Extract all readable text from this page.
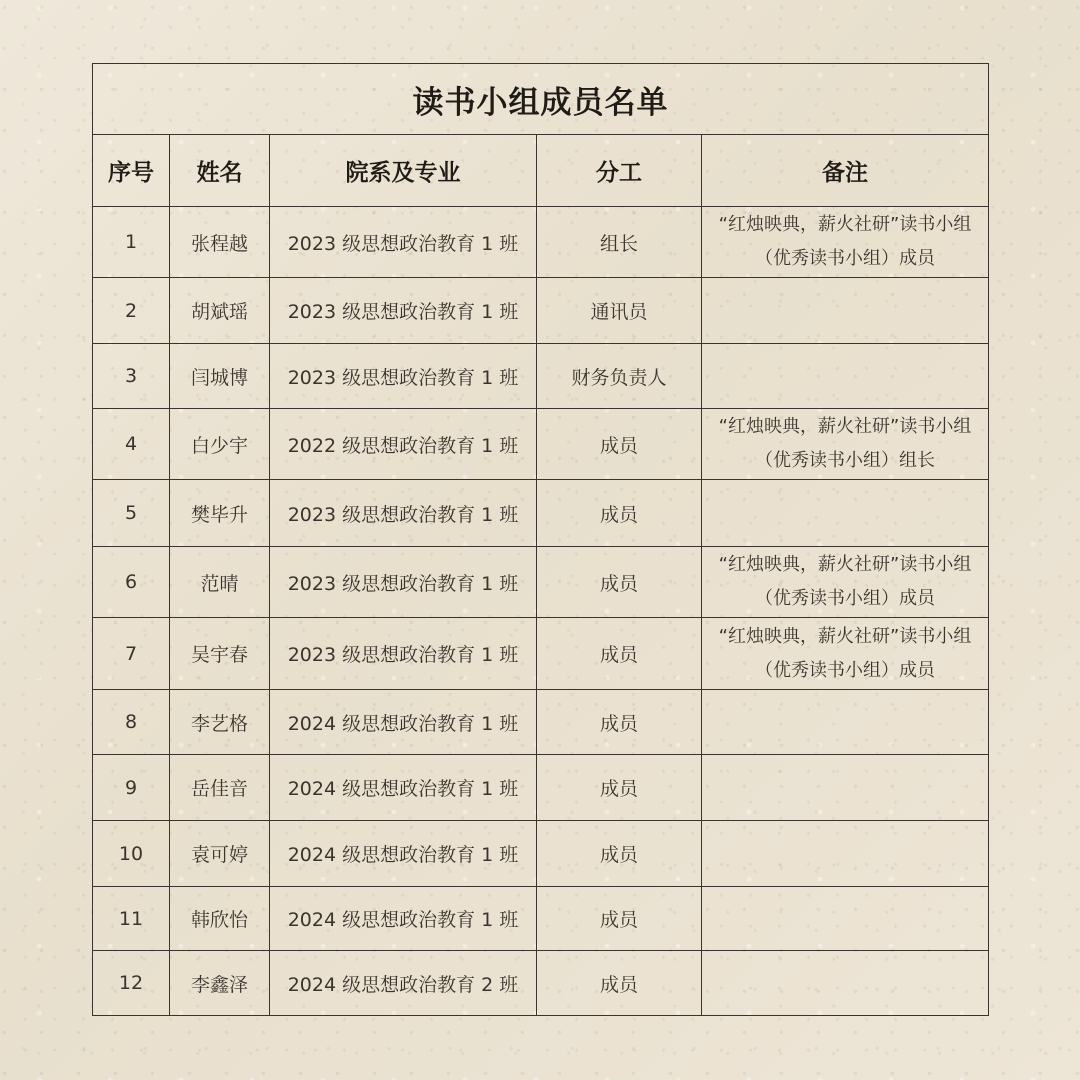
读书小组成员名单				
序号	姓名	院系及专业	分工	备注
1	张程越	2023 级思想政治教育 1 班	组长	“红烛映典，薪火社研”读书小组（优秀读书小组）成员
2	胡斌瑶	2023 级思想政治教育 1 班	通讯员	
3	闫城博	2023 级思想政治教育 1 班	财务负责人	
4	白少宇	2022 级思想政治教育 1 班	成员	“红烛映典，薪火社研”读书小组（优秀读书小组）组长
5	樊毕升	2023 级思想政治教育 1 班	成员	
6	范晴	2023 级思想政治教育 1 班	成员	“红烛映典，薪火社研”读书小组（优秀读书小组）成员
7	吴宇春	2023 级思想政治教育 1 班	成员	“红烛映典，薪火社研”读书小组（优秀读书小组）成员
8	李艺格	2024 级思想政治教育 1 班	成员	
9	岳佳音	2024 级思想政治教育 1 班	成员	
10	袁可婷	2024 级思想政治教育 1 班	成员	
11	韩欣怡	2024 级思想政治教育 1 班	成员	
12	李鑫泽	2024 级思想政治教育 2 班	成员	
